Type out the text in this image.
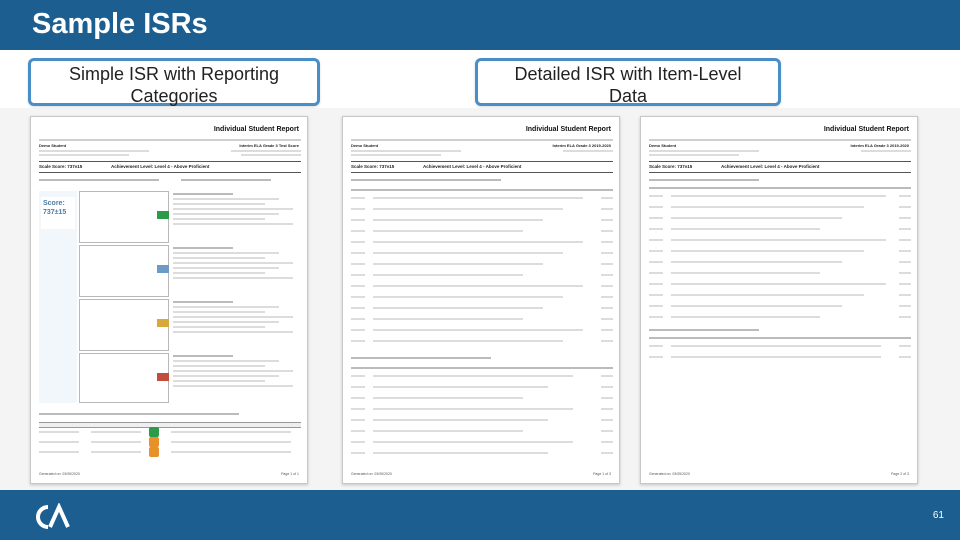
Sample ISRs
Individual Student Report
Demo Student	Interim ELA Grade 3 Test Score
Scale Score: 737±15	Achievement Level: Level 4 - Above Proficient
Score: 737±15
Generated on: 03/05/2020	Page 1 of 1
Individual Student Report
Demo Student	Interim ELA Grade 3 2019-2020
Scale Score: 737±15	Achievement Level: Level 4 - Above Proficient
Generated on: 03/05/2020	Page 1 of 3
Individual Student Report
Demo Student	Interim ELA Grade 3 2019-2020
Scale Score: 737±15	Achievement Level: Level 4 - Above Proficient
Generated on: 03/05/2020	Page 2 of 3
Simple ISR with Reporting
Categories
Detailed ISR with Item-Level
Data
61
